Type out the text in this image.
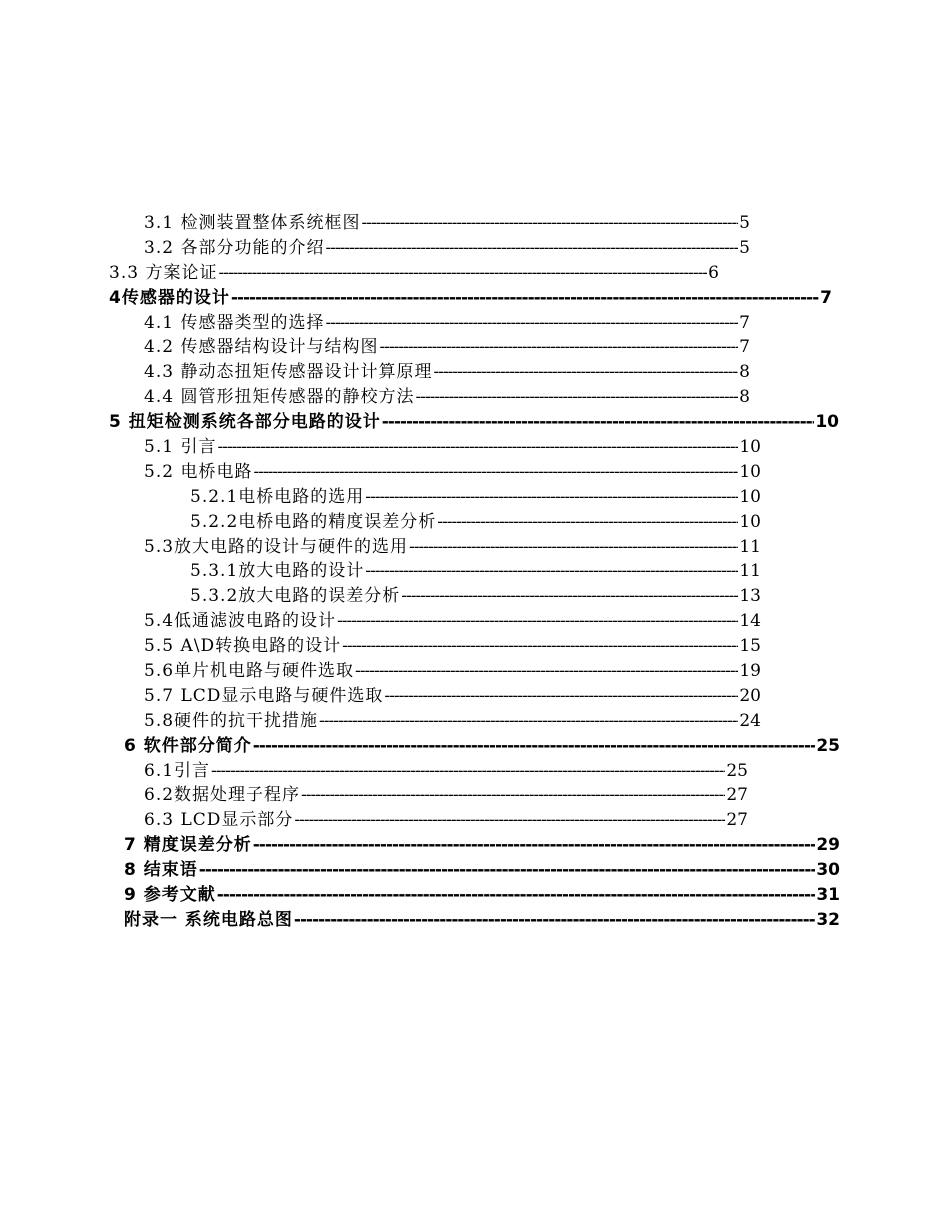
3.1 检测装置整体系统框图 -----	5
3.2 各部分功能的介绍 -----	5
3.3 方案论证 -----	6
4传感器的设计 -----	7
4.1 传感器类型的选择 -----	7
4.2 传感器结构设计与结构图 -----	7
4.3 静动态扭矩传感器设计计算原理 -----	8
4.4 圆管形扭矩传感器的静校方法 -----	8
5 扭矩检测系统各部分电路的设计 -----	10
5.1 引言 -----	10
5.2 电桥电路 -----	10
5.2.1电桥电路的选用 -----	10
5.2.2电桥电路的精度误差分析 -----	10
5.3放大电路的设计与硬件的选用 -----	11
5.3.1放大电路的设计 -----	11
5.3.2放大电路的误差分析 -----	13
5.4低通滤波电路的设计 -----	14
5.5 A\D转换电路的设计 -----	15
5.6单片机电路与硬件选取 -----	19
5.7 LCD显示电路与硬件选取 -----	20
5.8硬件的抗干扰措施 -----	24
6 软件部分简介 -----	25
6.1引言 -----	25
6.2数据处理子程序 -----	27
6.3 LCD显示部分 -----	27
7 精度误差分析 -----	29
8 结束语 -----	30
9 参考文献 -----	31
附录一 系统电路总图 -----	32
